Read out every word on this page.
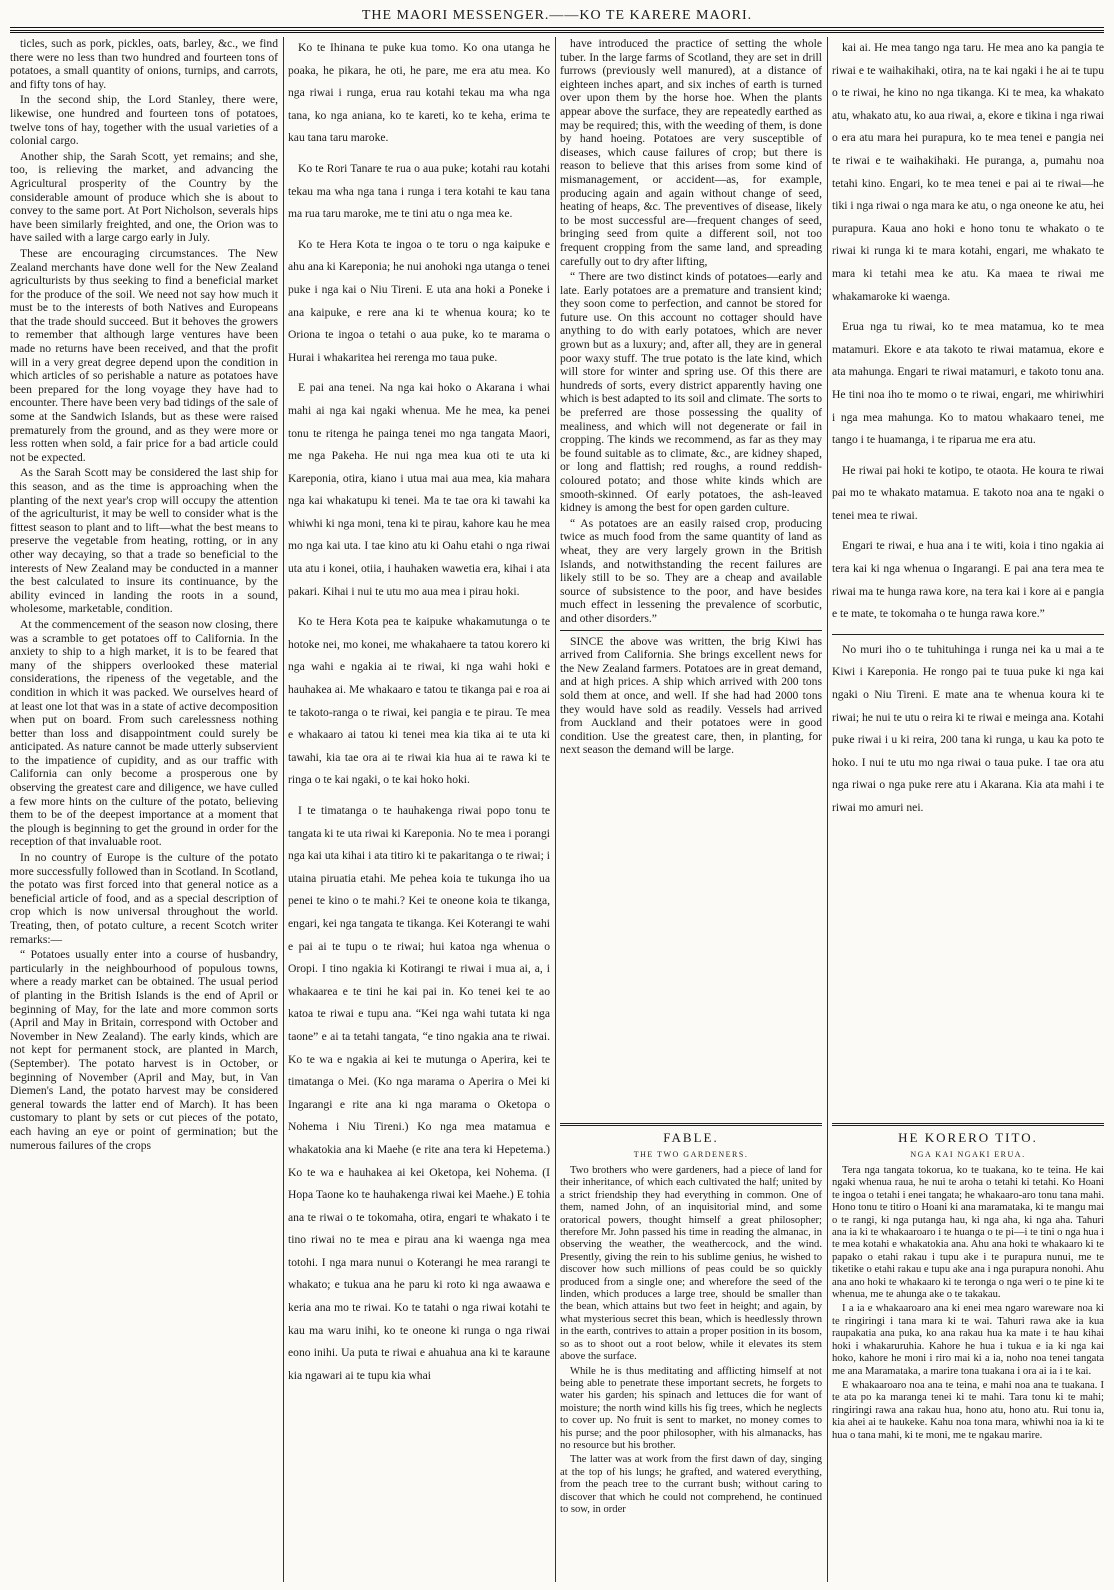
THE MAORI MESSENGER.——KO TE KARERE MAORI.

ticles, such as pork, pickles, oats, barley, &c., we find there were no less than two hundred and fourteen tons of potatoes, a small quantity of onions, turnips, and carrots, and fifty tons of hay.

In the second ship, the Lord Stanley, there were, likewise, one hundred and fourteen tons of potatoes, twelve tons of hay, together with the usual varieties of a colonial cargo.

Another ship, the Sarah Scott, yet remains; and she, too, is relieving the market, and advancing the Agricultural prosperity of the Country by the considerable amount of produce which she is about to convey to the same port. At Port Nicholson, severals hips have been similarly freighted, and one, the Orion was to have sailed with a large cargo early in July.

These are encouraging circumstances. The New Zealand merchants have done well for the New Zealand agriculturists by thus seeking to find a beneficial market for the produce of the soil. We need not say how much it must be to the interests of both Natives and Europeans that the trade should succeed. But it behoves the growers to remember that although large ventures have been made no returns have been received, and that the profit will in a very great degree depend upon the condition in which articles of so perishable a nature as potatoes have been prepared for the long voyage they have had to encounter. There have been very bad tidings of the sale of some at the Sandwich Islands, but as these were raised prematurely from the ground, and as they were more or less rotten when sold, a fair price for a bad article could not be expected.

As the Sarah Scott may be considered the last ship for this season, and as the time is approaching when the planting of the next year's crop will occupy the attention of the agriculturist, it may be well to consider what is the fittest season to plant and to lift—what the best means to preserve the vegetable from heating, rotting, or in any other way decaying, so that a trade so beneficial to the interests of New Zealand may be conducted in a manner the best calculated to insure its continuance, by the ability evinced in landing the roots in a sound, wholesome, marketable, condition.

At the commencement of the season now closing, there was a scramble to get potatoes off to California. In the anxiety to ship to a high market, it is to be feared that many of the shippers overlooked these material considerations, the ripeness of the vegetable, and the condition in which it was packed. We ourselves heard of at least one lot that was in a state of active decomposition when put on board. From such carelessness nothing better than loss and disappointment could surely be anticipated. As nature cannot be made utterly subservient to the impatience of cupidity, and as our traffic with California can only become a prosperous one by observing the greatest care and diligence, we have culled a few more hints on the culture of the potato, believing them to be of the deepest importance at a moment that the plough is beginning to get the ground in order for the reception of that invaluable root.

In no country of Europe is the culture of the potato more successfully followed than in Scotland. In Scotland, the potato was first forced into that general notice as a beneficial article of food, and as a special description of crop which is now universal throughout the world. Treating, then, of potato culture, a recent Scotch writer remarks:—

“ Potatoes usually enter into a course of husbandry, particularly in the neighbourhood of populous towns, where a ready market can be obtained. The usual period of planting in the British Islands is the end of April or beginning of May, for the late and more common sorts (April and May in Britain, correspond with October and November in New Zealand). The early kinds, which are not kept for permanent stock, are planted in March, (September). The potato harvest is in October, or beginning of November (April and May, but, in Van Diemen's Land, the potato harvest may be considered general towards the latter end of March). It has been customary to plant by sets or cut pieces of the potato, each having an eye or point of germination; but the numerous failures of the crops

Ko te Ihinana te puke kua tomo. Ko ona utanga he poaka, he pikara, he oti, he pare, me era atu mea. Ko nga riwai i runga, erua rau kotahi tekau ma wha nga tana, ko nga aniana, ko te kareti, ko te keha, erima te kau tana taru maroke.

Ko te Rori Tanare te rua o aua puke; kotahi rau kotahi tekau ma wha nga tana i runga i tera kotahi te kau tana ma rua taru maroke, me te tini atu o nga mea ke.

Ko te Hera Kota te ingoa o te toru o nga kaipuke e ahu ana ki Kareponia; he nui anohoki nga utanga o tenei puke i nga kai o Niu Tireni. E uta ana hoki a Poneke i ana kaipuke, e rere ana ki te whenua koura; ko te Oriona te ingoa o tetahi o aua puke, ko te marama o Hurai i whakaritea hei rerenga mo taua puke.

E pai ana tenei. Na nga kai hoko o Akarana i whai mahi ai nga kai ngaki whenua. Me he mea, ka penei tonu te ritenga he painga tenei mo nga tangata Maori, me nga Pakeha. He nui nga mea kua oti te uta ki Kareponia, otira, kiano i utua mai aua mea, kia mahara nga kai whakatupu ki tenei. Ma te tae ora ki tawahi ka whiwhi ki nga moni, tena ki te pirau, kahore kau he mea mo nga kai uta. I tae kino atu ki Oahu etahi o nga riwai uta atu i konei, otiia, i hauhaken wawetia era, kihai i ata pakari. Kihai i nui te utu mo aua mea i pirau hoki.

Ko te Hera Kota pea te kaipuke whakamutunga o te hotoke nei, mo konei, me whakahaere ta tatou korero ki nga wahi e ngakia ai te riwai, ki nga wahi hoki e hauhakea ai. Me whakaaro e tatou te tikanga pai e roa ai te takoto-ranga o te riwai, kei pangia e te pirau. Te mea e whakaaro ai tatou ki tenei mea kia tika ai te uta ki tawahi, kia tae ora ai te riwai kia hua ai te rawa ki te ringa o te kai ngaki, o te kai hoko hoki.

I te timatanga o te hauhakenga riwai popo tonu te tangata ki te uta riwai ki Kareponia. No te mea i porangi nga kai uta kihai i ata titiro ki te pakaritanga o te riwai; i utaina piruatia etahi. Me pehea koia te tukunga iho ua penei te kino o te mahi.? Kei te oneone koia te tikanga, engari, kei nga tangata te tikanga. Kei Koterangi te wahi e pai ai te tupu o te riwai; hui katoa nga whenua o Oropi. I tino ngakia ki Kotirangi te riwai i mua ai, a, i whakaarea e te tini he kai pai in. Ko tenei kei te ao katoa te riwai e tupu ana. “Kei nga wahi tutata ki nga taone” e ai ta tetahi tangata, “e tino ngakia ana te riwai. Ko te wa e ngakia ai kei te mutunga o Aperira, kei te timatanga o Mei. (Ko nga marama o Aperira o Mei ki Ingarangi e rite ana ki nga marama o Oketopa o Nohema i Niu Tireni.) Ko nga mea matamua e whakatokia ana ki Maehe (e rite ana tera ki Hepetema.) Ko te wa e hauhakea ai kei Oketopa, kei Nohema. (I Hopa Taone ko te hauhakenga riwai kei Maehe.) E tohia ana te riwai o te tokomaha, otira, engari te whakato i te tino riwai no te mea e pirau ana ki waenga nga mea totohi. I nga mara nunui o Koterangi he mea rarangi te whakato; e tukua ana he paru ki roto ki nga awaawa e keria ana mo te riwai. Ko te tatahi o nga riwai kotahi te kau ma waru inihi, ko te oneone ki runga o nga riwai eono inihi. Ua puta te riwai e ahuahua ana ki te karaune kia ngawari ai te tupu kia whai

have introduced the practice of setting the whole tuber. In the large farms of Scotland, they are set in drill furrows (previously well manured), at a distance of eighteen inches apart, and six inches of earth is turned over upon them by the horse hoe. When the plants appear above the surface, they are repeatedly earthed as may be required; this, with the weeding of them, is done by hand hoeing. Potatoes are very susceptible of diseases, which cause failures of crop; but there is reason to believe that this arises from some kind of mismanagement, or accident—as, for example, producing again and again without change of seed, heating of heaps, &c. The preventives of disease, likely to be most successful are—frequent changes of seed, bringing seed from quite a different soil, not too frequent cropping from the same land, and spreading carefully out to dry after lifting,

“ There are two distinct kinds of potatoes—early and late. Early potatoes are a premature and transient kind; they soon come to perfection, and cannot be stored for future use. On this account no cottager should have anything to do with early potatoes, which are never grown but as a luxury; and, after all, they are in general poor waxy stuff. The true potato is the late kind, which will store for winter and spring use. Of this there are hundreds of sorts, every district apparently having one which is best adapted to its soil and climate. The sorts to be preferred are those possessing the quality of mealiness, and which will not degenerate or fail in cropping. The kinds we recommend, as far as they may be found suitable as to climate, &c., are kidney shaped, or long and flattish; red roughs, a round reddish-coloured potato; and those white kinds which are smooth-skinned. Of early potatoes, the ash-leaved kidney is among the best for open garden culture.

“ As potatoes are an easily raised crop, producing twice as much food from the same quantity of land as wheat, they are very largely grown in the British Islands, and notwithstanding the recent failures are likely still to be so. They are a cheap and available source of subsistence to the poor, and have besides much effect in lessening the prevalence of scorbutic, and other disorders.”

SINCE the above was written, the brig Kiwi has arrived from California. She brings excellent news for the New Zealand farmers. Potatoes are in great demand, and at high prices. A ship which arrived with 200 tons sold them at once, and well. If she had had 2000 tons they would have sold as readily. Vessels had arrived from Auckland and their potatoes were in good condition. Use the greatest care, then, in planting, for next season the demand will be large.

FABLE.
THE TWO GARDENERS.

Two brothers who were gardeners, had a piece of land for their inheritance, of which each cultivated the half; united by a strict friendship they had everything in common. One of them, named John, of an inquisitorial mind, and some oratorical powers, thought himself a great philosopher; therefore Mr. John passed his time in reading the almanac, in observing the weather, the weathercock, and the wind. Presently, giving the rein to his sublime genius, he wished to discover how such millions of peas could be so quickly produced from a single one; and wherefore the seed of the linden, which produces a large tree, should be smaller than the bean, which attains but two feet in height; and again, by what mysterious secret this bean, which is heedlessly thrown in the earth, contrives to attain a proper position in its bosom, so as to shoot out a root below, while it elevates its stem above the surface.

While he is thus meditating and afflicting himself at not being able to penetrate these important secrets, he forgets to water his garden; his spinach and lettuces die for want of moisture; the north wind kills his fig trees, which he neglects to cover up. No fruit is sent to market, no money comes to his purse; and the poor philosopher, with his almanacks, has no resource but his brother.

The latter was at work from the first dawn of day, singing at the top of his lungs; he grafted, and watered everything, from the peach tree to the currant bush; without caring to discover that which he could not comprehend, he continued to sow, in order

kai ai. He mea tango nga taru. He mea ano ka pangia te riwai e te waihakihaki, otira, na te kai ngaki i he ai te tupu o te riwai, he kino no nga tikanga. Ki te mea, ka whakato atu, whakato atu, ko aua riwai, a, ekore e tikina i nga riwai o era atu mara hei purapura, ko te mea tenei e pangia nei te riwai e te waihakihaki. He puranga, a, pumahu noa tetahi kino. Engari, ko te mea tenei e pai ai te riwai—he tiki i nga riwai o nga mara ke atu, o nga oneone ke atu, hei purapura. Kaua ano hoki e hono tonu te whakato o te riwai ki runga ki te mara kotahi, engari, me whakato te mara ki tetahi mea ke atu. Ka maea te riwai me whakamaroke ki waenga.

Erua nga tu riwai, ko te mea matamua, ko te mea matamuri. Ekore e ata takoto te riwai matamua, ekore e ata mahunga. Engari te riwai matamuri, e takoto tonu ana. He tini noa iho te momo o te riwai, engari, me whiriwhiri i nga mea mahunga. Ko to matou whakaaro tenei, me tango i te huamanga, i te riparua me era atu.

He riwai pai hoki te kotipo, te otaota. He koura te riwai pai mo te whakato matamua. E takoto noa ana te ngaki o tenei mea te riwai.

Engari te riwai, e hua ana i te witi, koia i tino ngakia ai tera kai ki nga whenua o Ingarangi. E pai ana tera mea te riwai ma te hunga rawa kore, na tera kai i kore ai e pangia e te mate, te tokomaha o te hunga rawa kore.”

No muri iho o te tuhituhinga i runga nei ka u mai a te Kiwi i Kareponia. He rongo pai te tuua puke ki nga kai ngaki o Niu Tireni. E mate ana te whenua koura ki te riwai; he nui te utu o reira ki te riwai e meinga ana. Kotahi puke riwai i u ki reira, 200 tana ki runga, u kau ka poto te hoko. I nui te utu mo nga riwai o taua puke. I tae ora atu nga riwai o nga puke rere atu i Akarana. Kia ata mahi i te riwai mo amuri nei.

HE KORERO TITO.
NGA KAI NGAKI ERUA.

Tera nga tangata tokorua, ko te tuakana, ko te teina. He kai ngaki whenua raua, he nui te aroha o tetahi ki tetahi. Ko Hoani te ingoa o tetahi i enei tangata; he whakaaro-aro tonu tana mahi. Hono tonu te titiro o Hoani ki ana maramataka, ki te mangu mai o te rangi, ki nga putanga hau, ki nga aha, ki nga aha. Tahuri ana ia ki te whakaaroaro i te huanga o te pi—i te tini o nga hua i te mea kotahi e whakatokia ana. Ahu ana hoki te whakaaro ki te papako o etahi rakau i tupu ake i te purapura nunui, me te tiketike o etahi rakau e tupu ake ana i nga purapura nonohi. Ahu ana ano hoki te whakaaro ki te teronga o nga weri o te pine ki te whenua, me te ahunga ake o te takakau.

I a ia e whakaaroaro ana ki enei mea ngaro wareware noa ki te ringiringi i tana mara ki te wai. Tahuri rawa ake ia kua raupakatia ana puka, ko ana rakau hua ka mate i te hau kihai hoki i whakaruruhia. Kahore he hua i tukua e ia ki nga kai hoko, kahore he moni i riro mai ki a ia, noho noa tenei tangata me ana Maramataka, a marire tona tuakana i ora ai ia i te kai.

E whakaaroaro noa ana te teina, e mahi noa ana te tuakana. I te ata po ka maranga tenei ki te mahi. Tara tonu ki te mahi; ringiringi rawa ana rakau hua, hono atu, hono atu. Rui tonu ia, kia ahei ai te haukeke. Kahu noa tona mara, whiwhi noa ia ki te hua o tana mahi, ki te moni, me te ngakau marire.
